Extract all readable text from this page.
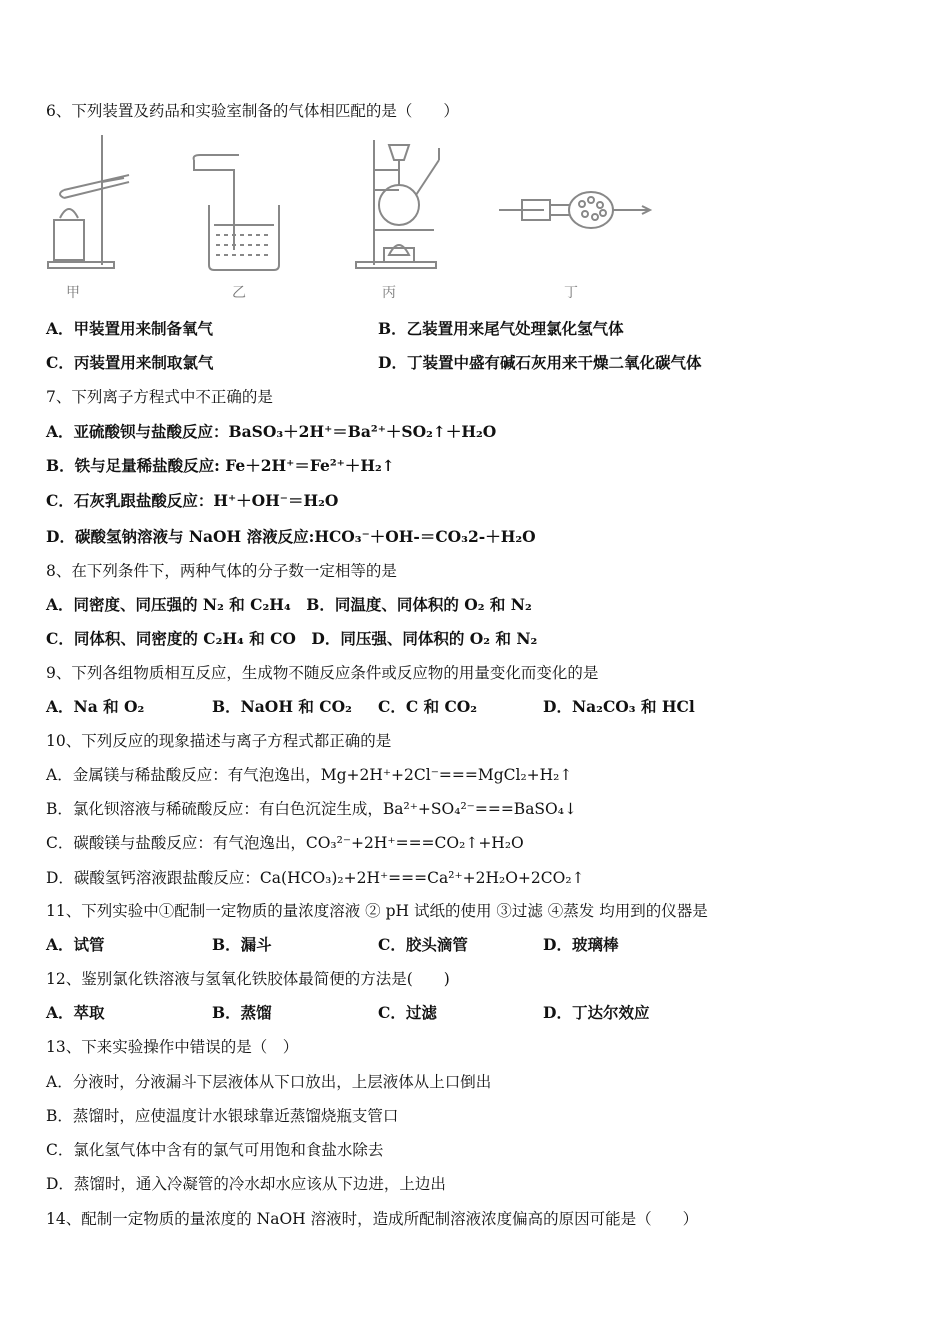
6、下列装置及药品和实验室制备的气体相匹配的是（　　）
甲	乙	丙	丁
A．甲装置用来制备氧气	B．乙装置用来尾气处理氯化氢气体
C．丙装置用来制取氯气	D．丁装置中盛有碱石灰用来干燥二氧化碳气体
7、下列离子方程式中不正确的是
A．亚硫酸钡与盐酸反应：BaSO₃＋2H⁺＝Ba²⁺＋SO₂↑＋H₂O
B．铁与足量稀盐酸反应: Fe＋2H⁺＝Fe²⁺＋H₂↑
C．石灰乳跟盐酸反应：H⁺＋OH⁻＝H₂O
D．碳酸氢钠溶液与 NaOH 溶液反应:HCO₃⁻＋OH-＝CO₃2-＋H₂O
8、在下列条件下，两种气体的分子数一定相等的是
A．同密度、同压强的 N₂ 和 C₂H₄　B．同温度、同体积的 O₂ 和 N₂
C．同体积、同密度的 C₂H₄ 和 CO　D．同压强、同体积的 O₂ 和 N₂
9、下列各组物质相互反应，生成物不随反应条件或反应物的用量变化而变化的是
A．Na 和 O₂	B．NaOH 和 CO₂ C．C 和 CO₂	D．Na₂CO₃ 和 HCl
10、下列反应的现象描述与离子方程式都正确的是
A．金属镁与稀盐酸反应：有气泡逸出，Mg+2H⁺+2Cl⁻===MgCl₂+H₂↑
B．氯化钡溶液与稀硫酸反应：有白色沉淀生成，Ba²⁺+SO₄²⁻===BaSO₄↓
C．碳酸镁与盐酸反应：有气泡逸出，CO₃²⁻+2H⁺===CO₂↑+H₂O
D．碳酸氢钙溶液跟盐酸反应：Ca(HCO₃)₂+2H⁺===Ca²⁺+2H₂O+2CO₂↑
11、下列实验中①配制一定物质的量浓度溶液 ② pH 试纸的使用 ③过滤 ④蒸发 均用到的仪器是
A．试管	B．漏斗	C．胶头滴管	D．玻璃棒
12、鉴别氯化铁溶液与氢氧化铁胶体最简便的方法是(　　)
A．萃取	B．蒸馏	C．过滤	D．丁达尔效应
13、下来实验操作中错误的是（　）
A．分液时，分液漏斗下层液体从下口放出，上层液体从上口倒出
B．蒸馏时，应使温度计水银球靠近蒸馏烧瓶支管口
C．氯化氢气体中含有的氯气可用饱和食盐水除去
D．蒸馏时，通入冷凝管的冷水却水应该从下边进，上边出
14、配制一定物质的量浓度的 NaOH 溶液时，造成所配制溶液浓度偏高的原因可能是（　　）
